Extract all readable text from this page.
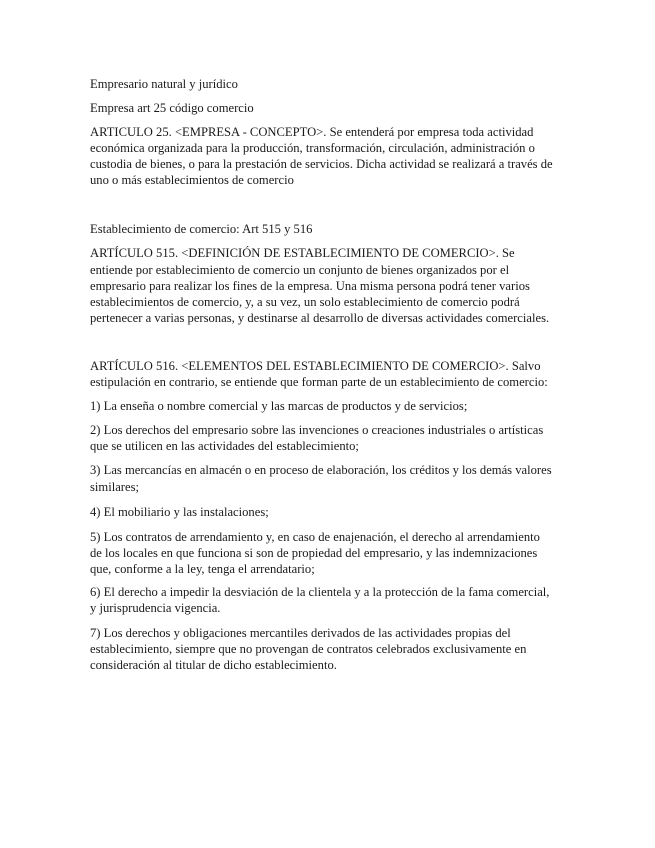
Empresario natural y jurídico
Empresa art 25 código comercio
ARTICULO 25. <EMPRESA - CONCEPTO>. Se entenderá por empresa toda actividad
económica organizada para la producción, transformación, circulación, administración o
custodia de bienes, o para la prestación de servicios. Dicha actividad se realizará a través de
uno o más establecimientos de comercio
Establecimiento de comercio: Art 515 y 516
ARTÍCULO 515. <DEFINICIÓN DE ESTABLECIMIENTO DE COMERCIO>. Se
entiende por establecimiento de comercio un conjunto de bienes organizados por el
empresario para realizar los fines de la empresa. Una misma persona podrá tener varios
establecimientos de comercio, y, a su vez, un solo establecimiento de comercio podrá
pertenecer a varias personas, y destinarse al desarrollo de diversas actividades comerciales.
ARTÍCULO 516. <ELEMENTOS DEL ESTABLECIMIENTO DE COMERCIO>. Salvo
estipulación en contrario, se entiende que forman parte de un establecimiento de comercio:
1) La enseña o nombre comercial y las marcas de productos y de servicios;
2) Los derechos del empresario sobre las invenciones o creaciones industriales o artísticas
que se utilicen en las actividades del establecimiento;
3) Las mercancías en almacén o en proceso de elaboración, los créditos y los demás valores
similares;
4) El mobiliario y las instalaciones;
5) Los contratos de arrendamiento y, en caso de enajenación, el derecho al arrendamiento
de los locales en que funciona si son de propiedad del empresario, y las indemnizaciones
que, conforme a la ley, tenga el arrendatario;
6) El derecho a impedir la desviación de la clientela y a la protección de la fama comercial,
y jurisprudencia vigencia.
7) Los derechos y obligaciones mercantiles derivados de las actividades propias del
establecimiento, siempre que no provengan de contratos celebrados exclusivamente en
consideración al titular de dicho establecimiento.
